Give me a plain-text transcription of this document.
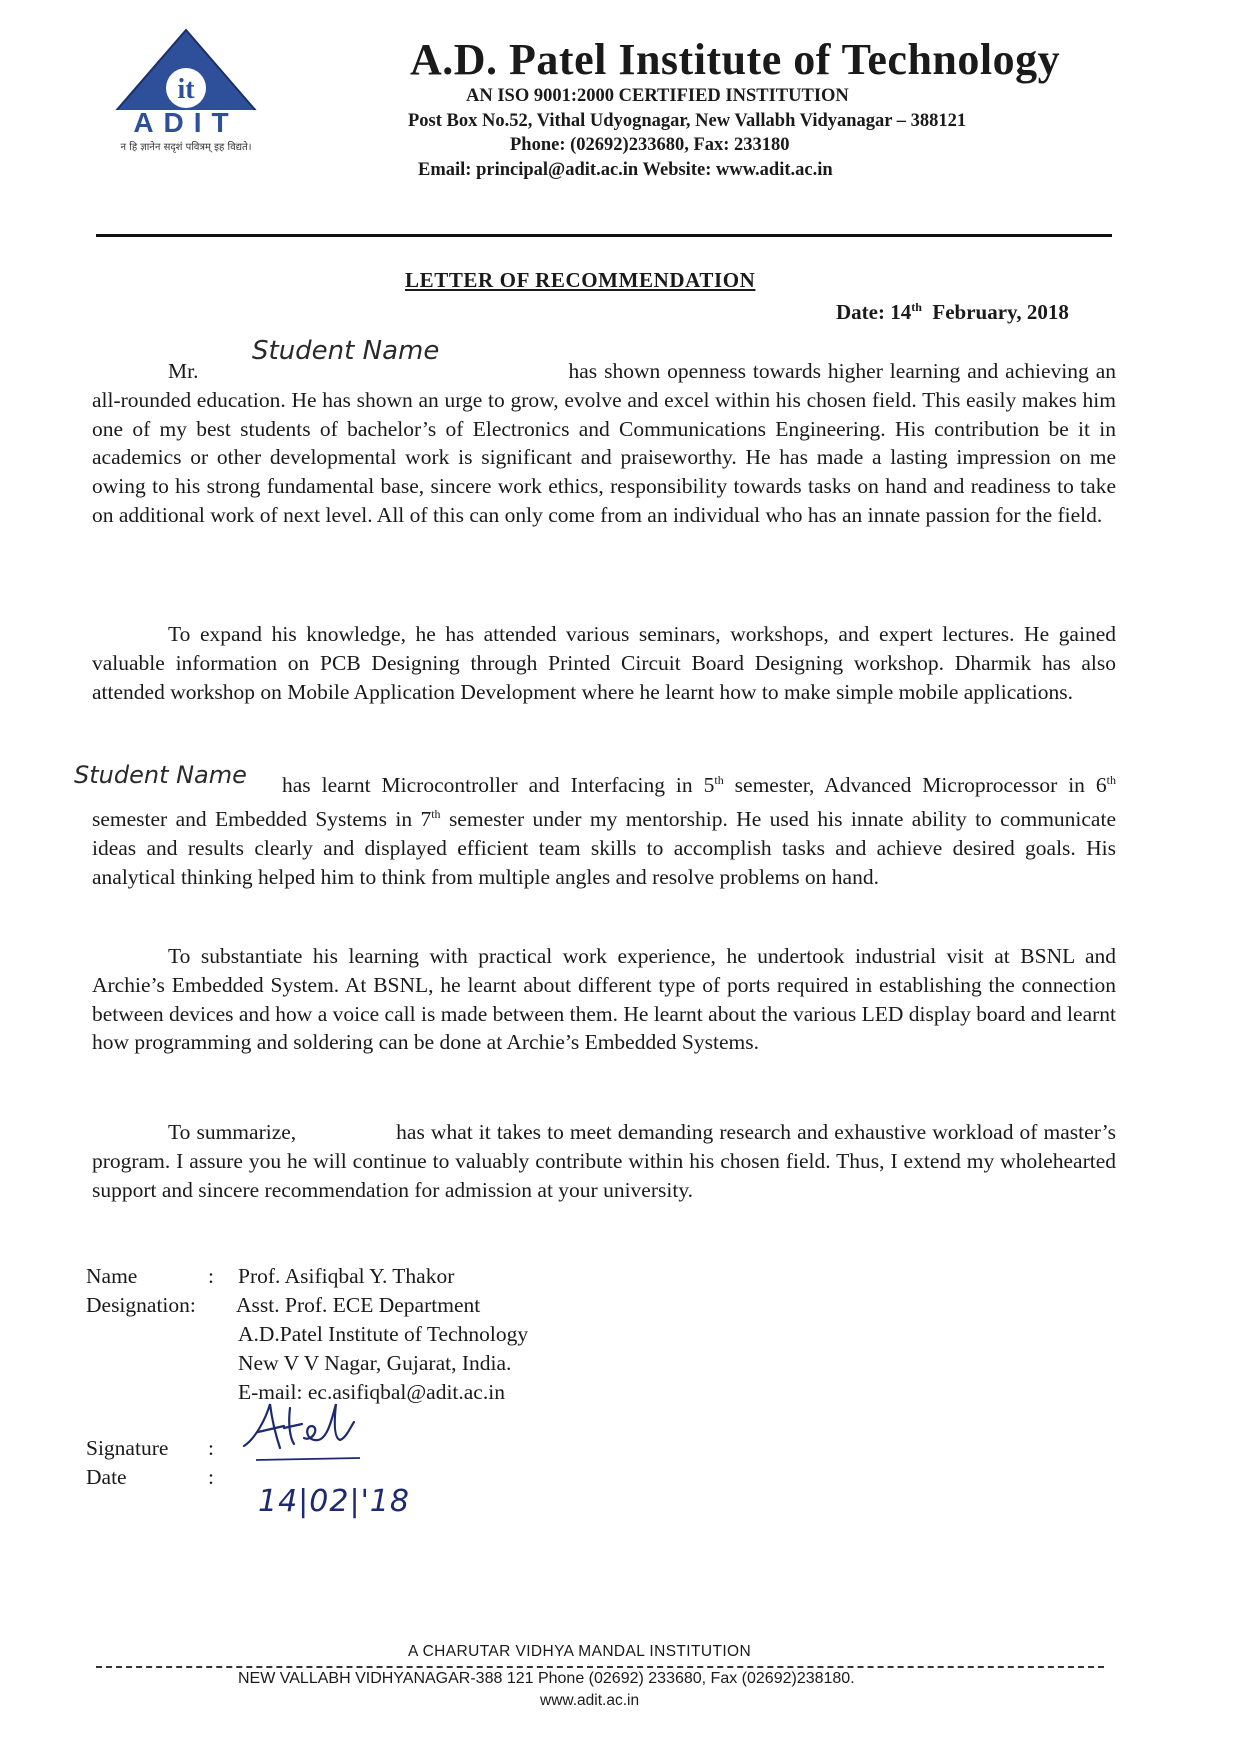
it
ADIT
न हि ज्ञानेन सदृशं पवित्रम् इह विद्यते।
A.D. Patel Institute of Technology
AN ISO 9001:2000 CERTIFIED INSTITUTION
Post Box No.52, Vithal Udyognagar, New Vallabh Vidyanagar – 388121
Phone: (02692)233680, Fax: 233180
Email: principal@adit.ac.in Website: www.adit.ac.in
LETTER OF RECOMMENDATION
Date: 14th February, 2018
Student Name
Mr.	has shown openness towards higher learning and achieving an all-rounded education. He has shown an urge to grow, evolve and excel within his chosen field. This easily makes him one of my best students of bachelor’s of Electronics and Communications Engineering. His contribution be it in academics or other developmental work is significant and praiseworthy. He has made a lasting impression on me owing to his strong fundamental base, sincere work ethics, responsibility towards tasks on hand and readiness to take on additional work of next level. All of this can only come from an individual who has an innate passion for the field.
To expand his knowledge, he has attended various seminars, workshops, and expert lectures. He gained valuable information on PCB Designing through Printed Circuit Board Designing workshop. Dharmik has also attended workshop on Mobile Application Development where he learnt how to make simple mobile applications.
Student Name	has learnt Microcontroller and Interfacing in 5th semester, Advanced Microprocessor in 6th semester and Embedded Systems in 7th semester under my mentorship. He used his innate ability to communicate ideas and results clearly and displayed efficient team skills to accomplish tasks and achieve desired goals. His analytical thinking helped him to think from multiple angles and resolve problems on hand.
To substantiate his learning with practical work experience, he undertook industrial visit at BSNL and Archie’s Embedded System. At BSNL, he learnt about different type of ports required in establishing the connection between devices and how a voice call is made between them. He learnt about the various LED display board and learnt how programming and soldering can be done at Archie’s Embedded Systems.
To summarize,	has what it takes to meet demanding research and exhaustive workload of master’s program. I assure you he will continue to valuably contribute within his chosen field. Thus, I extend my wholehearted support and sincere recommendation for admission at your university.
Name	: Prof. Asifiqbal Y. Thakor
Designation: Asst. Prof. ECE Department
A.D.Patel Institute of Technology
New V V Nagar, Gujarat, India.
E-mail: ec.asifiqbal@adit.ac.in
Signature :
Date	:
14|02|'18
A CHARUTAR VIDHYA MANDAL INSTITUTION
NEW VALLABH VIDHYANAGAR-388 121 Phone (02692) 233680, Fax (02692)238180.
www.adit.ac.in
